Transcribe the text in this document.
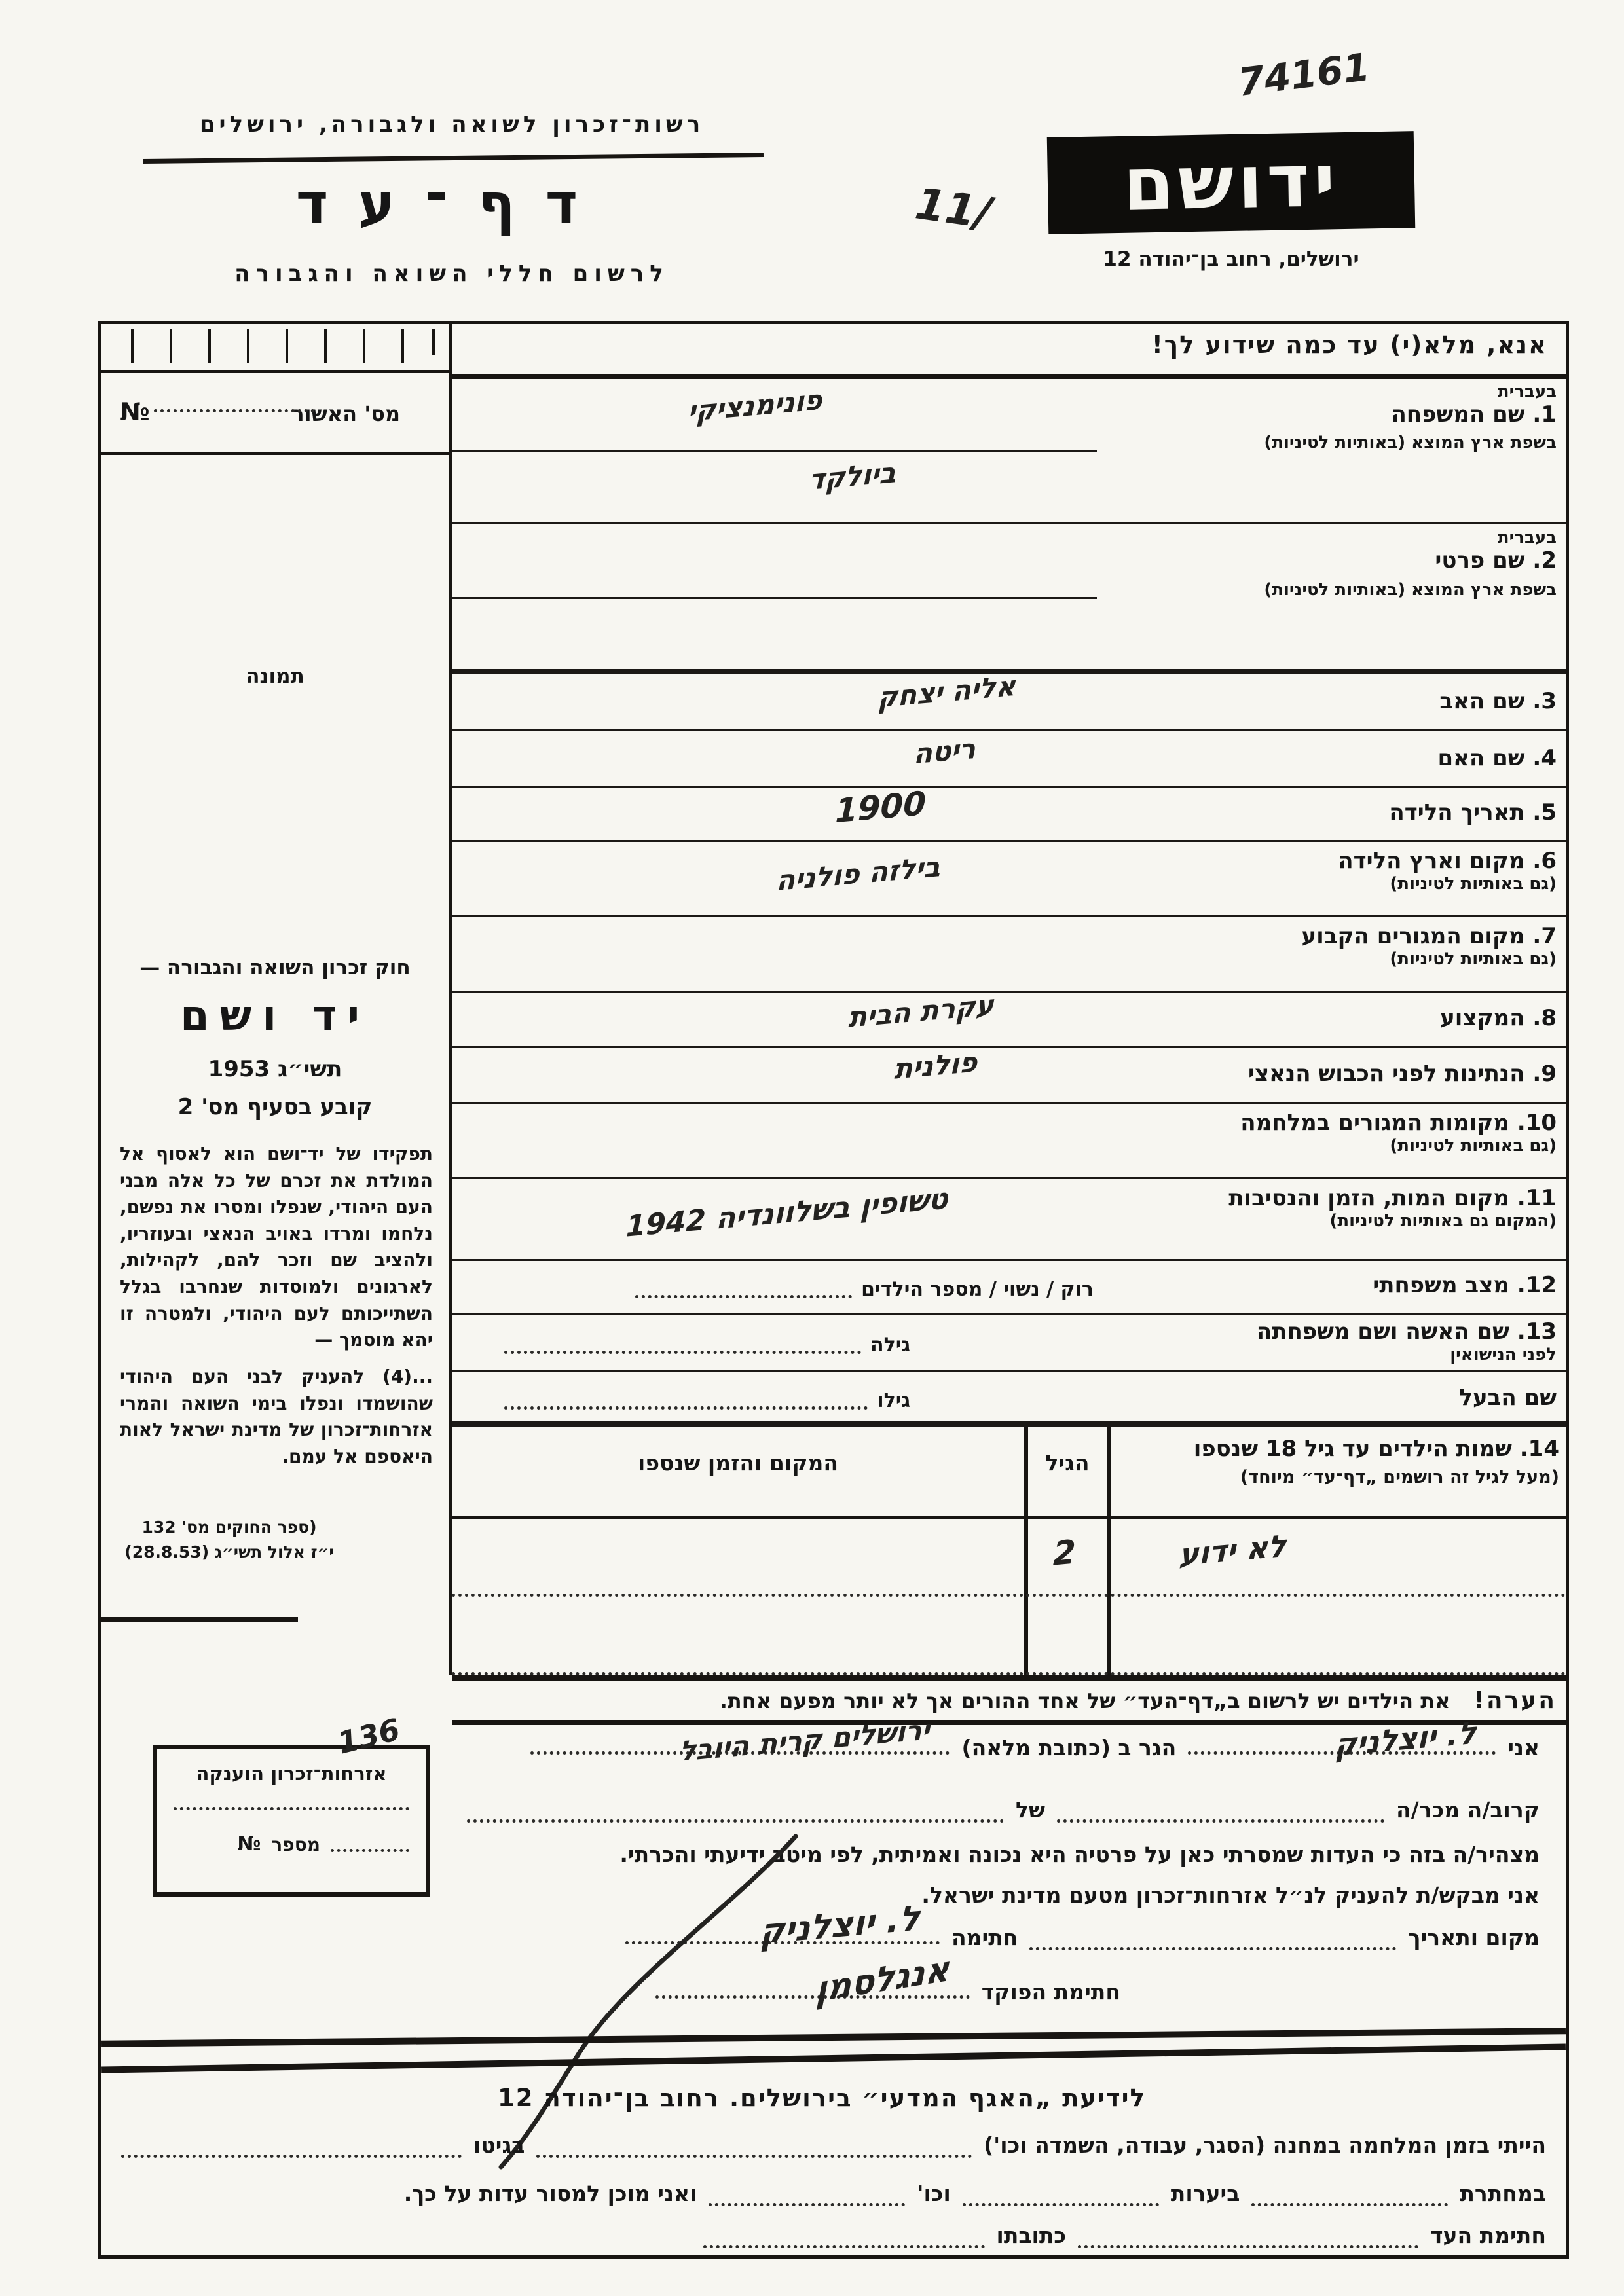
74161
רשות־זכרון לשואה ולגבורה, ירושלים
דף־עד
לרשום חללי השואה והגבורה
ידושם
ירושלים, רחוב בן־יהודה 12
/11
מס' האשור
№
תמונה
חוק זכרון השואה והגבורה —
יד ושם
תשי״ג 1953
קובע בסעיף מס' 2
תפקידו של יד־ושם הוא לאסוף אל המולדת את זכרם של כל אלה מבני העם היהודי, שנפלו ומסרו את נפשם, נלחמו ומרדו באויב הנאצי ובעוזריו, ולהציב שם וזכר להם, לקהילות, לארגונים ולמוסדות שנחרבו בגלל השתייכותם לעם היהודי, ולמטרה זו יהא מוסמך —
‏...(4) להעניק לבני העם היהודי שהושמדו ונפלו בימי השואה והמרי אזרחות־זכרון של מדינת ישראל לאות היאספם אל עמם.
(ספר החוקים מס' 132
י״ז אלול תשי״ג (28.8.53)
אזרחות־זכרון הוענקה
מספר
№
אנא, מלא(י) עד כמה שידוע לך!
בעברית
1. שם המשפחה
בשפת ארץ המוצא (באותיות לטיניות)
פונימנציקי
ביולקד
בעברית
2. שם פרטי
בשפת ארץ המוצא (באותיות לטיניות)
3. שם האב
אליה יצחק
4. שם האם
ריטה
5. תאריך הלידה
1900
6. מקום וארץ הלידה
(גם באותיות לטיניות)
בילזה פולניה
7. מקום המגורים הקבוע
(גם באותיות לטיניות)
8. המקצוע
עקרת הבית
9. הנתינות לפני הכבוש הנאצי
פולנית
10. מקומות המגורים במלחמה
(גם באותיות לטיניות)
11. מקום המות, הזמן והנסיבות
(המקום גם באותיות לטיניות)
טשופין בשלוונדיה 1942
12. מצב משפחתי
רוק / נשוי / מספר הילדים
13. שם האשה ושם משפחתה
לפני הנישואין
גילה
שם הבעל
גילו
14. שמות הילדים עד גיל 18 שנספו
(מעל לגיל זה רושמים „דף־עד״ מיוחד)
הגיל
המקום והזמן שנספו
לא ידוע
2
הערה!
את הילדים יש לרשום ב„דף־העד״ של אחד ההורים אך לא יותר מפעם אחת.
אני
ל. יוצלניק
הגר ב (כתובת מלאה)
ירושלים קרית היובל
136
קרוב/ה מכר/ה
של
מצהיר/ה בזה כי העדות שמסרתי כאן על פרטיה היא נכונה ואמיתית, לפי מיטב ידיעתי והכרתי.
אני מבקש/ת להעניק לנ״ל אזרחות־זכרון מטעם מדינת ישראל.
מקום ותאריך
חתימה
ל. יוצלניק
חתימת הפוקד
אנגלסמן
לידיעת „האגף המדעי״ בירושלים. רחוב בן־יהודה 12
הייתי בזמן המלחמה במחנה (הסגר, עבודה, השמדה וכו')
בגיטו
במחתרת
ביערות
וכו'
ואני מוכן למסור עדות על כך.
חתימת העד
כתובתו
